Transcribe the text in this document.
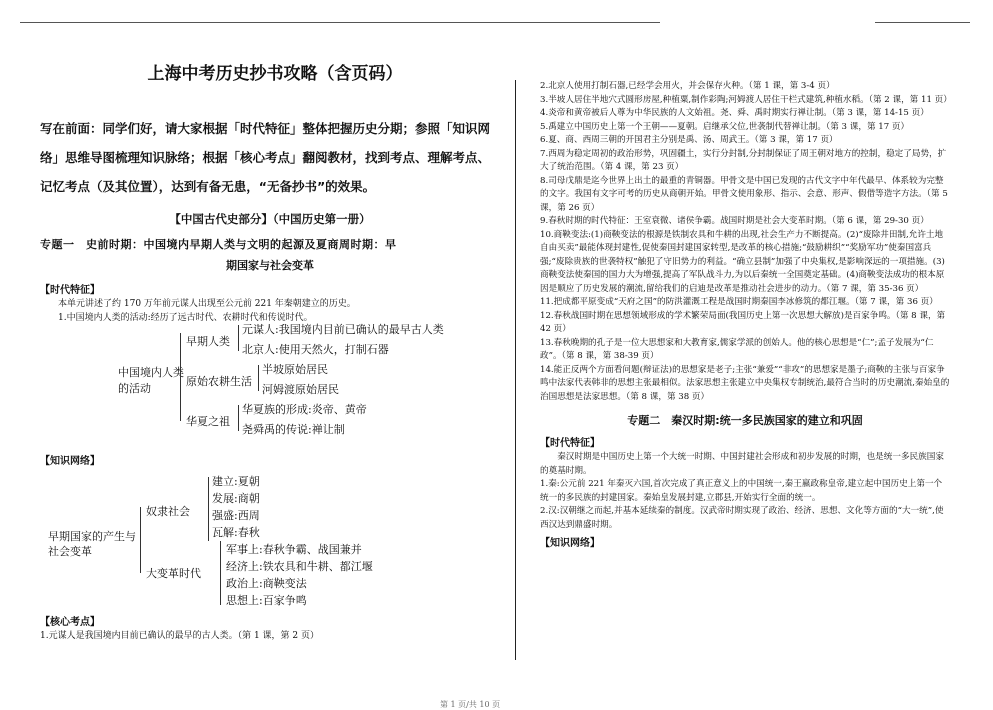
上海中考历史抄书攻略（含页码）
写在前面：同学们好，请大家根据「时代特征」整体把握历史分期；参照「知识网络」思维导图梳理知识脉络；根据「核心考点」翻阅教材，找到考点、理解考点、记忆考点（及其位置），达到有备无患，“无备抄书”的效果。
【中国古代史部分】（中国历史第一册）
专题一　史前时期：中国境内早期人类与文明的起源及夏商周时期：早
期国家与社会变革
【时代特征】
本单元讲述了约 170 万年前元谋人出现至公元前 221 年秦朝建立的历史。
1.中国境内人类的活动:经历了远古时代、农耕时代和传说时代。
中国境内人类的活动
早期人类
原始农耕生活
华夏之祖
元谋人:我国境内目前已确认的最早古人类
北京人:使用天然火，打制石器
半坡原始居民
河姆渡原始居民
华夏族的形成:炎帝、黄帝
尧舜禹的传说:禅让制
【知识网络】
早期国家的产生与社会变革
奴隶社会
大变革时代
建立:夏朝
发展:商朝
强盛:西周
瓦解:春秋
军事上:春秋争霸、战国兼并
经济上:铁农具和牛耕、都江堰
政治上:商鞅变法
思想上:百家争鸣
【核心考点】
1.元谋人是我国境内目前已确认的最早的古人类。（第 1 课，第 2 页）
2.北京人使用打制石器,已经学会用火，并会保存火种。（第 1 课，第 3-4 页）
3.半坡人居住半地穴式圆形房屋,种植粟,制作彩陶;河姆渡人居住干栏式建筑,种植水稻。（第 2 课，第 11 页）
4.炎帝和黄帝被后人尊为中华民族的人文始祖。尧、舜、禹时期实行禅让制。（第 3 课，第 14-15 页）
5.禹建立中国历史上第一个王朝——夏朝。启继承父位,世袭制代替禅让制。（第 3 课，第 17 页）
6.夏、商、西周三朝的开国君主分别是禹、汤、周武王。（第 3 课，第 17 页）
7.西周为稳定周初的政治形势，巩固疆土，实行分封制,分封制保证了周王朝对地方的控制，稳定了局势，扩大了统治范围。（第 4 课，第 23 页）
8.司母戊鼎是迄今世界上出土的最重的青铜器。甲骨文是中国已发现的古代文字中年代最早、体系较为完整的文字。我国有文字可考的历史从商朝开始。甲骨文使用象形、指示、会意、形声、假借等造字方法。（第 5 课，第 26 页）
9.春秋时期的时代特征：王室衰微、诸侯争霸。战国时期是社会大变革时期。（第 6 课，第 29-30 页）
10.商鞅变法:(1)商鞅变法的根源是铁制农具和牛耕的出现,社会生产力不断提高。(2)“废除井田制,允许土地自由买卖”最能体现封建性,促使秦国封建国家转型,是改革的核心措施;“鼓励耕织”“奖励军功”使秦国富兵强;“废除贵族的世袭特权”触犯了守旧势力的利益。“确立县制”加强了中央集权,是影响深远的一项措施。(3)商鞅变法使秦国的国力大为增强,提高了军队战斗力,为以后秦统一全国奠定基础。(4)商鞅变法成功的根本原因是顺应了历史发展的潮流,留给我们的启迪是改革是推动社会进步的动力。（第 7 课，第 35-36 页）
11.把成都平原变成“天府之国”的防洪灌溉工程是战国时期秦国李冰修筑的都江堰。（第 7 课，第 36 页）
12.春秋战国时期在思想领域形成的学术繁荣局面(我国历史上第一次思想大解放)是百家争鸣。（第 8 课，第 42 页）
13.春秋晚期的孔子是一位大思想家和大教育家,儒家学派的创始人。他的核心思想是“仁”;孟子发展为“仁政”。（第 8 课，第 38-39 页）
14.能正反两个方面看问题(辩证法)的思想家是老子;主张“兼爱”“非攻”的思想家是墨子;商鞅的主张与百家争鸣中法家代表韩非的思想主张最相似。法家思想主张建立中央集权专制统治,最符合当时的历史潮流,秦始皇的治国思想是法家思想。（第 8 课，第 38 页）
专题二　秦汉时期:统一多民族国家的建立和巩固
【时代特征】
秦汉时期是中国历史上第一个大统一时期、中国封建社会形成和初步发展的时期，也是统一多民族国家的奠基时期。
1.秦:公元前 221 年秦灭六国,首次完成了真正意义上的中国统一,秦王嬴政称皇帝,建立起中国历史上第一个统一的多民族的封建国家。秦始皇发展封建,立郡县,开始实行全面的统一。
2.汉:汉朝继之而起,并基本延续秦的制度。汉武帝时期实现了政治、经济、思想、文化等方面的“大一统”,使西汉达到鼎盛时期。
【知识网络】
第 1 页/共 10 页
